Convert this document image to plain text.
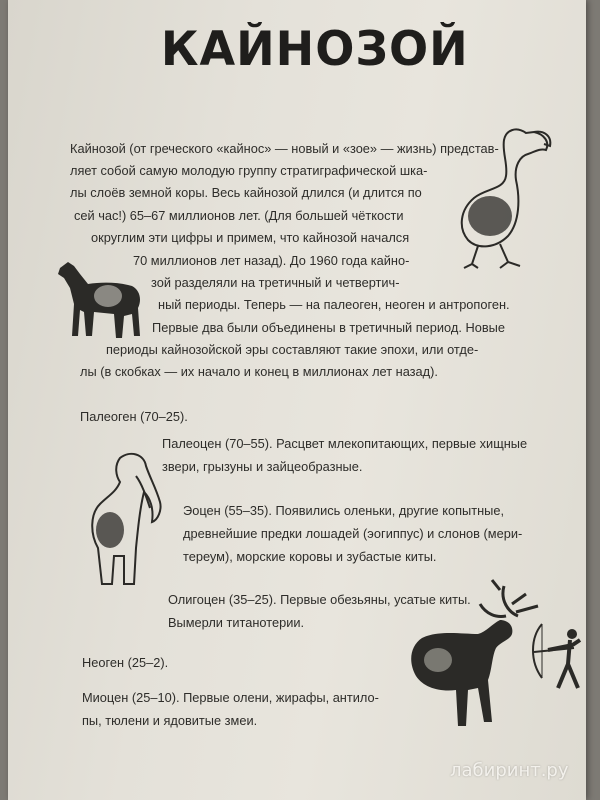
КАЙНОЗОЙ
Кайнозой (от греческого «кайнос» — новый и «зое» — жизнь) представ-
ляет собой самую молодую группу стратиграфической шка-
лы слоёв земной коры. Весь кайнозой длился (и длится по
сей час!) 65–67 миллионов лет. (Для большей чёткости
округлим эти цифры и примем, что кайнозой начался
70 миллионов лет назад). До 1960 года кайно-
зой разделяли на третичный и четвертич-
ный периоды. Теперь — на палеоген, неоген и антропоген.
Первые два были объединены в третичный период. Новые
периоды кайнозойской эры составляют такие эпохи, или отде-
лы (в скобках — их начало и конец в миллионах лет назад).
Палеоген (70–25).
Палеоцен (70–55). Расцвет млекопитающих, первые хищные
звери, грызуны и зайцеобразные.
Эоцен (55–35). Появились оленьки, другие копытные,
древнейшие предки лошадей (эогиппус) и слонов (мери-
тереум), морские коровы и зубастые киты.
Олигоцен (35–25). Первые обезьяны, усатые киты.
Вымерли титанотерии.
Неоген (25–2).
Миоцен (25–10). Первые олени, жирафы, антило-
пы, тюлени и ядовитые змеи.
лабиринт.ру
